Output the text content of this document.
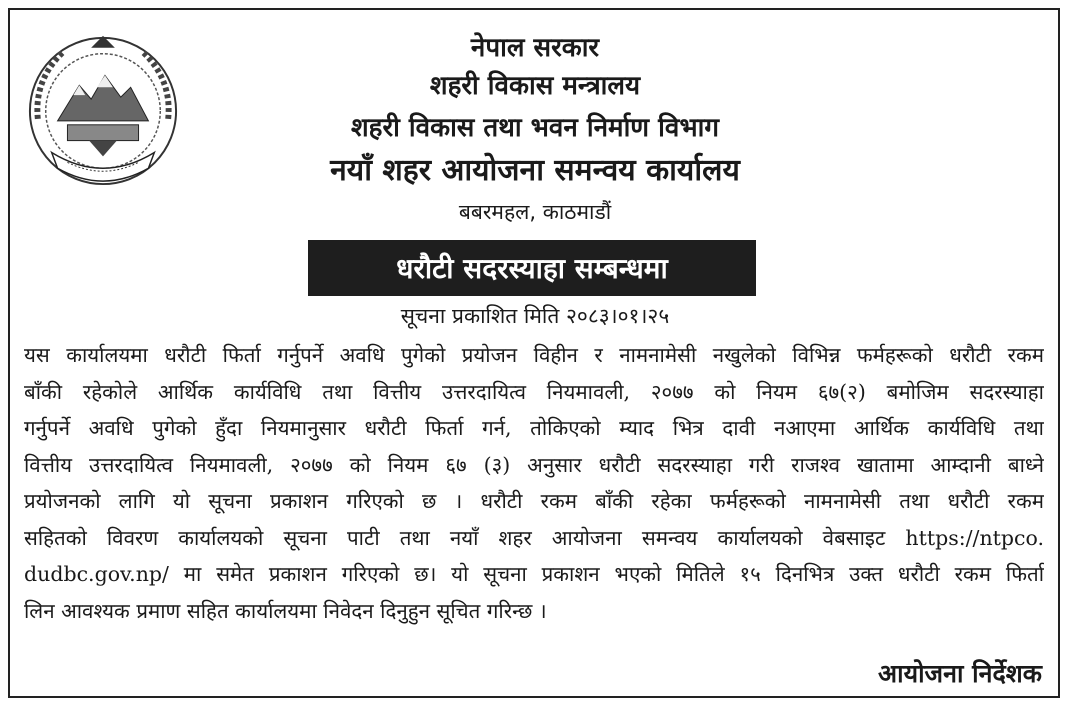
नेपाल सरकार
शहरी विकास मन्त्रालय
शहरी विकास तथा भवन निर्माण विभाग
नयाँ शहर आयोजना समन्वय कार्यालय
बबरमहल, काठमाडौं
धरौटी सदरस्याहा सम्बन्धमा
सूचना प्रकाशित मिति २०८३।०१।२५
यस कार्यालयमा धरौटी फिर्ता गर्नुपर्ने अवधि पुगेको प्रयोजन विहीन र नामनामेसी नखुलेको विभिन्न फर्महरूको धरौटी रकम
बाँकी रहेकोले आर्थिक कार्यविधि तथा वित्तीय उत्तरदायित्व नियमावली, २०७७ को नियम ६७(२) बमोजिम सदरस्याहा
गर्नुपर्ने अवधि पुगेको हुँदा नियमानुसार धरौटी फिर्ता गर्न, तोकिएको म्याद भित्र दावी नआएमा आर्थिक कार्यविधि तथा
वित्तीय उत्तरदायित्व नियमावली, २०७७ को नियम ६७ (३) अनुसार धरौटी सदरस्याहा गरी राजश्व खातामा आम्दानी बाध्ने
प्रयोजनको लागि यो सूचना प्रकाशन गरिएको छ । धरौटी रकम बाँकी रहेका फर्महरूको नामनामेसी तथा धरौटी रकम
सहितको विवरण कार्यालयको सूचना पाटी तथा नयाँ शहर आयोजना समन्वय कार्यालयको वेबसाइट https://ntpco.
dudbc.gov.np/ मा समेत प्रकाशन गरिएको छ। यो सूचना प्रकाशन भएको मितिले १५ दिनभित्र उक्त धरौटी रकम फिर्ता
लिन आवश्यक प्रमाण सहित कार्यालयमा निवेदन दिनुहुन सूचित गरिन्छ ।
आयोजना निर्देशक
